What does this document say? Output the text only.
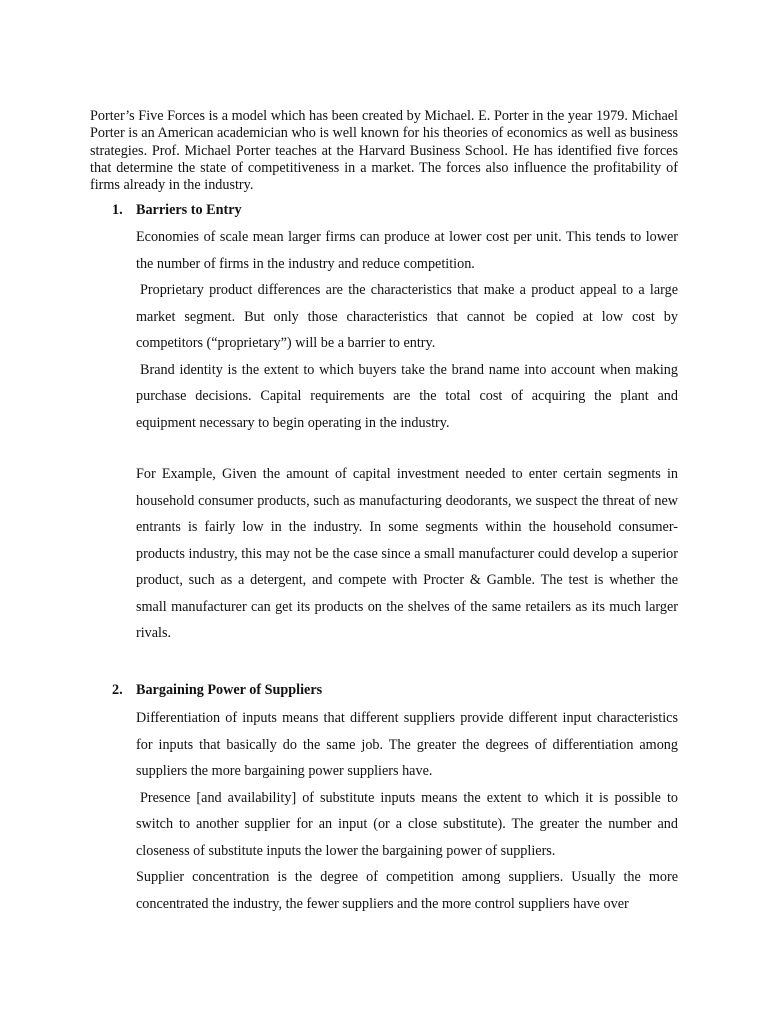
Porter’s Five Forces is a model which has been created by Michael. E. Porter in the year 1979. Michael Porter is an American academician who is well known for his theories of economics as well as business strategies. Prof. Michael Porter teaches at the Harvard Business School. He has identified five forces that determine the state of competitiveness in a market. The forces also influence the profitability of firms already in the industry.

1. Barriers to Entry

Economies of scale mean larger firms can produce at lower cost per unit. This tends to lower the number of firms in the industry and reduce competition.

Proprietary product differences are the characteristics that make a product appeal to a large market segment. But only those characteristics that cannot be copied at low cost by competitors (“proprietary”) will be a barrier to entry.

Brand identity is the extent to which buyers take the brand name into account when making purchase decisions. Capital requirements are the total cost of acquiring the plant and equipment necessary to begin operating in the industry.

For Example, Given the amount of capital investment needed to enter certain segments in household consumer products, such as manufacturing deodorants, we suspect the threat of new entrants is fairly low in the industry. In some segments within the household consumer-products industry, this may not be the case since a small manufacturer could develop a superior product, such as a detergent, and compete with Procter & Gamble. The test is whether the small manufacturer can get its products on the shelves of the same retailers as its much larger rivals.

2. Bargaining Power of Suppliers

Differentiation of inputs means that different suppliers provide different input characteristics for inputs that basically do the same job. The greater the degrees of differentiation among suppliers the more bargaining power suppliers have.

Presence [and availability] of substitute inputs means the extent to which it is possible to switch to another supplier for an input (or a close substitute). The greater the number and closeness of substitute inputs the lower the bargaining power of suppliers.

Supplier concentration is the degree of competition among suppliers. Usually the more concentrated the industry, the fewer suppliers and the more control suppliers have over
